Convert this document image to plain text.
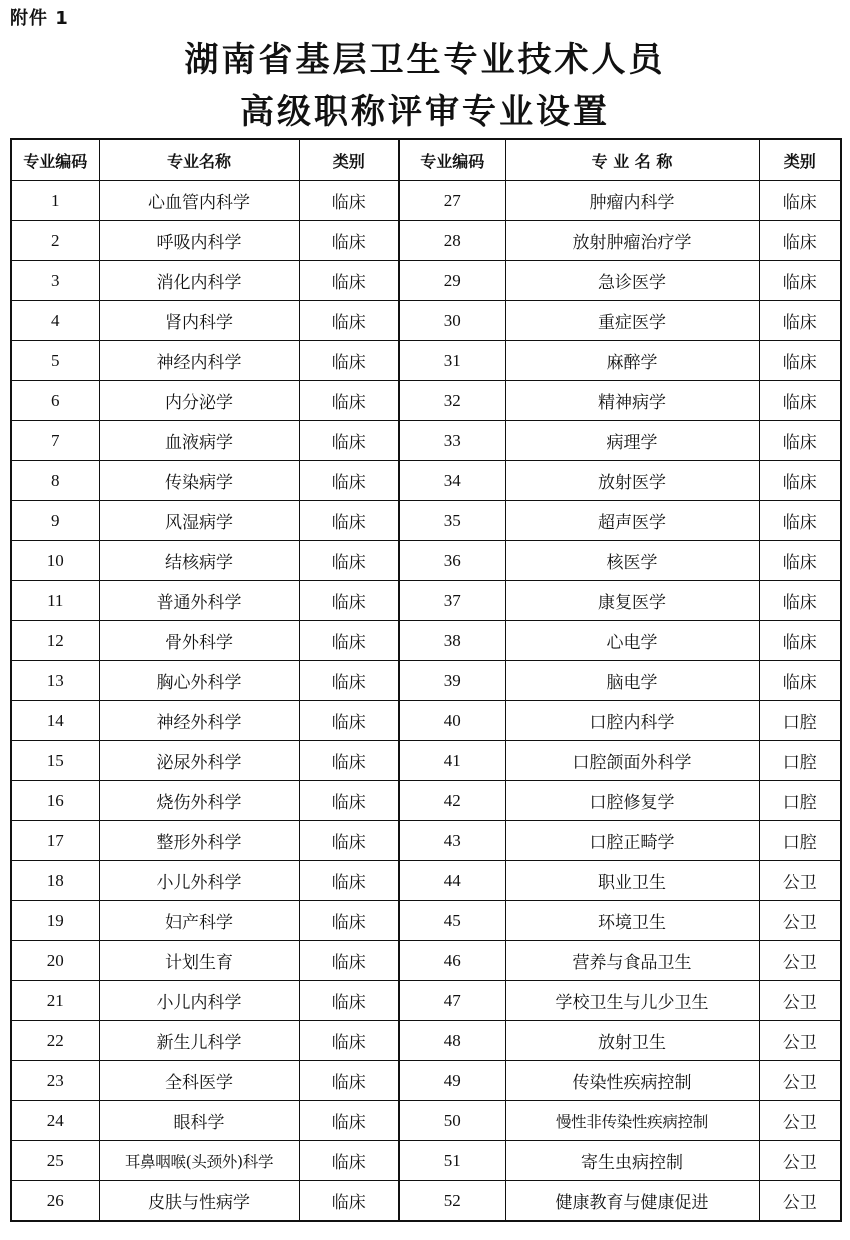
附件 1
湖南省基层卫生专业技术人员
高级职称评审专业设置
专业编码	专业名称	类别	专业编码	专 业 名 称	类别
1	心血管内科学	临床	27	肿瘤内科学	临床
2	呼吸内科学	临床	28	放射肿瘤治疗学	临床
3	消化内科学	临床	29	急诊医学	临床
4	肾内科学	临床	30	重症医学	临床
5	神经内科学	临床	31	麻醉学	临床
6	内分泌学	临床	32	精神病学	临床
7	血液病学	临床	33	病理学	临床
8	传染病学	临床	34	放射医学	临床
9	风湿病学	临床	35	超声医学	临床
10	结核病学	临床	36	核医学	临床
11	普通外科学	临床	37	康复医学	临床
12	骨外科学	临床	38	心电学	临床
13	胸心外科学	临床	39	脑电学	临床
14	神经外科学	临床	40	口腔内科学	口腔
15	泌尿外科学	临床	41	口腔颌面外科学	口腔
16	烧伤外科学	临床	42	口腔修复学	口腔
17	整形外科学	临床	43	口腔正畸学	口腔
18	小儿外科学	临床	44	职业卫生	公卫
19	妇产科学	临床	45	环境卫生	公卫
20	计划生育	临床	46	营养与食品卫生	公卫
21	小儿内科学	临床	47	学校卫生与儿少卫生	公卫
22	新生儿科学	临床	48	放射卫生	公卫
23	全科医学	临床	49	传染性疾病控制	公卫
24	眼科学	临床	50	慢性非传染性疾病控制	公卫
25	耳鼻咽喉(头颈外)科学	临床	51	寄生虫病控制	公卫
26	皮肤与性病学	临床	52	健康教育与健康促进	公卫
